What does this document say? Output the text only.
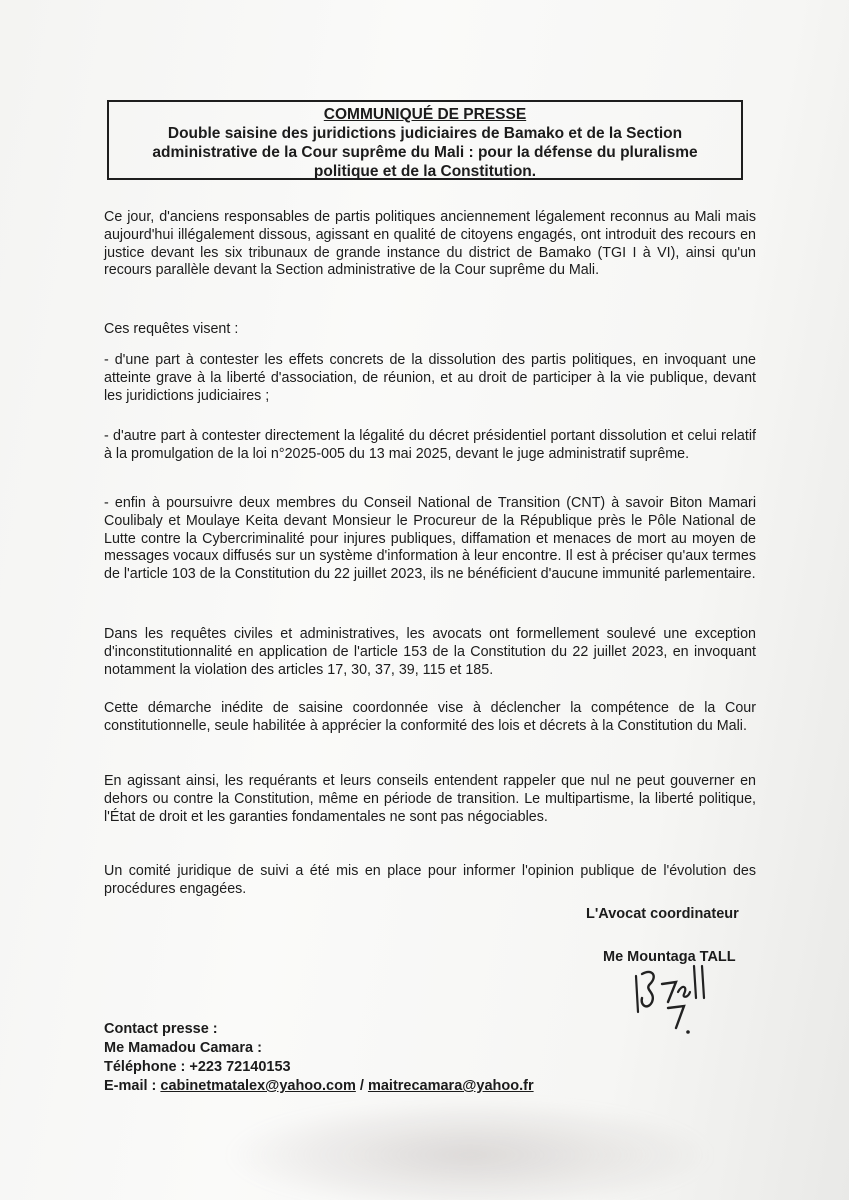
COMMUNIQUÉ DE PRESSE
Double saisine des juridictions judiciaires de Bamako et de la Section
administrative de la Cour suprême du Mali : pour la défense du pluralisme
politique et de la Constitution.

Ce jour, d'anciens responsables de partis politiques anciennement légalement reconnus au Mali mais aujourd'hui illégalement dissous, agissant en qualité de citoyens engagés, ont introduit des recours en justice devant les six tribunaux de grande instance du district de Bamako (TGI I à VI), ainsi qu'un recours parallèle devant la Section administrative de la Cour suprême du Mali.

Ces requêtes visent :

- d'une part à contester les effets concrets de la dissolution des partis politiques, en invoquant une atteinte grave à la liberté d'association, de réunion, et au droit de participer à la vie publique, devant les juridictions judiciaires ;

- d'autre part à contester directement la légalité du décret présidentiel portant dissolution et celui relatif à la promulgation de la loi n°2025-005 du 13 mai 2025, devant le juge administratif suprême.

- enfin à poursuivre deux membres du Conseil National de Transition (CNT) à savoir Biton Mamari Coulibaly et Moulaye Keita devant Monsieur le Procureur de la République près le Pôle National de Lutte contre la Cybercriminalité pour injures publiques, diffamation et menaces de mort au moyen de messages vocaux diffusés sur un système d'information à leur encontre. Il est à préciser qu'aux termes de l'article 103 de la Constitution du 22 juillet 2023, ils ne bénéficient d'aucune immunité parlementaire.

Dans les requêtes civiles et administratives, les avocats ont formellement soulevé une exception d'inconstitutionnalité en application de l'article 153 de la Constitution du 22 juillet 2023, en invoquant notamment la violation des articles 17, 30, 37, 39, 115 et 185.

Cette démarche inédite de saisine coordonnée vise à déclencher la compétence de la Cour constitutionnelle, seule habilitée à apprécier la conformité des lois et décrets à la Constitution du Mali.

En agissant ainsi, les requérants et leurs conseils entendent rappeler que nul ne peut gouverner en dehors ou contre la Constitution, même en période de transition. Le multipartisme, la liberté politique, l'État de droit et les garanties fondamentales ne sont pas négociables.

Un comité juridique de suivi a été mis en place pour informer l'opinion publique de l'évolution des procédures engagées.

L'Avocat coordinateur
Me Mountaga TALL
Contact presse :
Me Mamadou Camara :
Téléphone : +223 72140153
E-mail : cabinetmatalex@yahoo.com / maitrecamara@yahoo.fr
